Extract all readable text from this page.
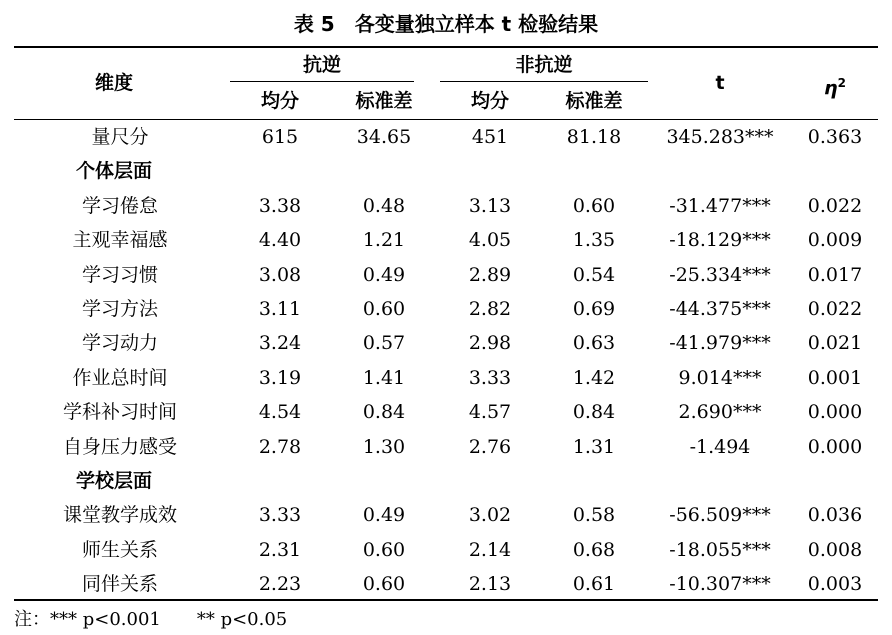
表 5　各变量独立样本 t 检验结果
维度
抗逆	非抗逆
均分	标准差	均分	标准差
t	$\eta^2$
量尺分	615	34.65	451	81.18	345.283***	0.363
个体层面
学习倦怠	3.38	0.48	3.13	0.60	-31.477***	0.022
主观幸福感	4.40	1.21	4.05	1.35	-18.129***	0.009
学习习惯	3.08	0.49	2.89	0.54	-25.334***	0.017
学习方法	3.11	0.60	2.82	0.69	-44.375***	0.022
学习动力	3.24	0.57	2.98	0.63	-41.979***	0.021
作业总时间	3.19	1.41	3.33	1.42	9.014***	0.001
学科补习时间	4.54	0.84	4.57	0.84	2.690***	0.000
自身压力感受	2.78	1.30	2.76	1.31	-1.494	0.000
学校层面
课堂教学成效	3.33	0.49	3.02	0.58	-56.509***	0.036
师生关系	2.31	0.60	2.14	0.68	-18.055***	0.008
同伴关系	2.23	0.60	2.13	0.61	-10.307***	0.003
注：*** p<0.001　　** p<0.05
